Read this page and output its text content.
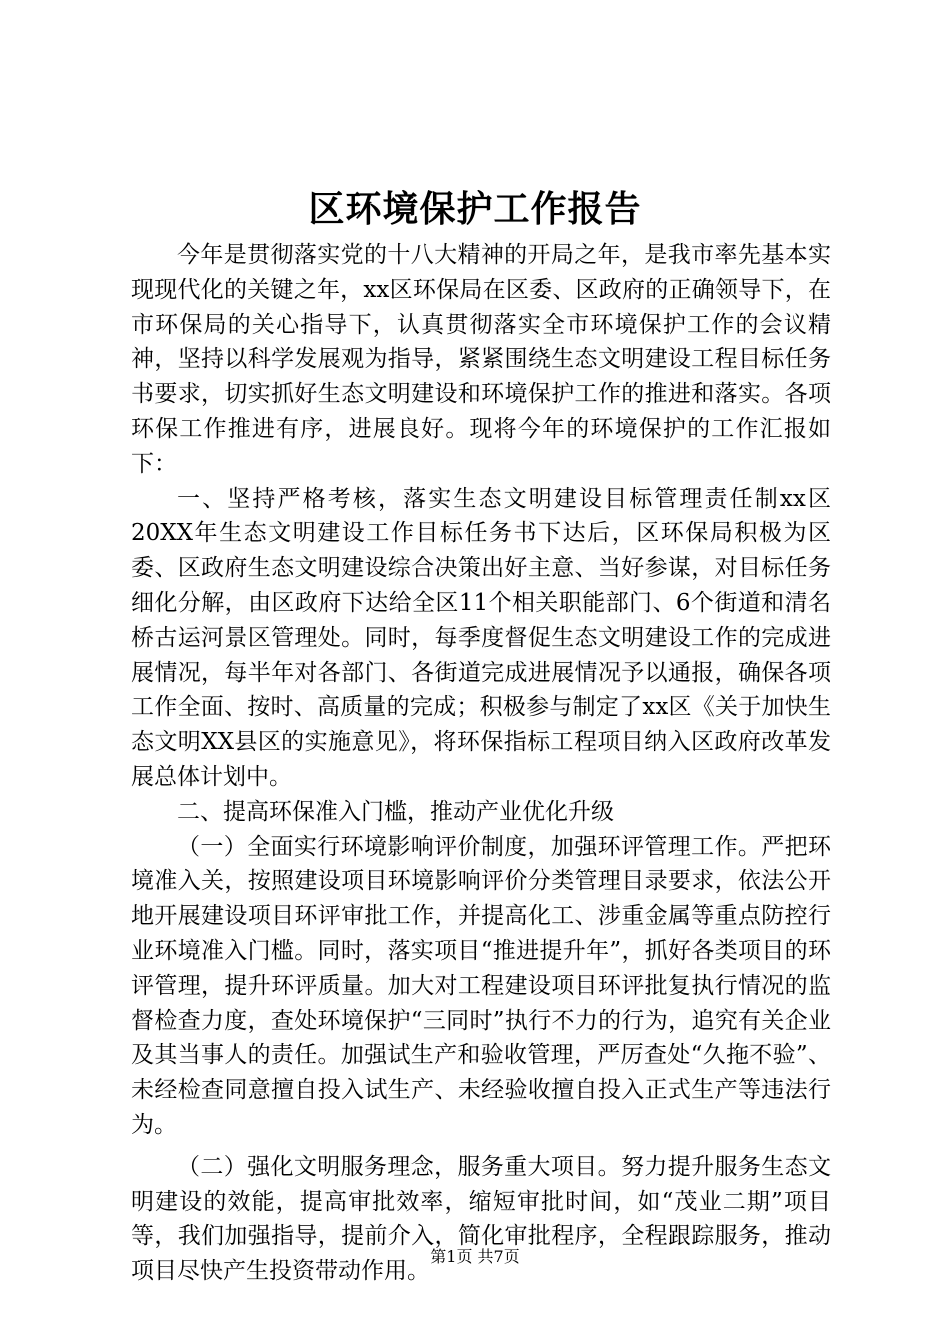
区环境保护工作报告

今年是贯彻落实党的十八大精神的开局之年，是我市率先基本实现现代化的关键之年，xx区环保局在区委、区政府的正确领导下，在市环保局的关心指导下，认真贯彻落实全市环境保护工作的会议精神，坚持以科学发展观为指导，紧紧围绕生态文明建设工程目标任务书要求，切实抓好生态文明建设和环境保护工作的推进和落实。各项环保工作推进有序，进展良好。现将今年的环境保护的工作汇报如下：

一、坚持严格考核，落实生态文明建设目标管理责任制xx区20XX年生态文明建设工作目标任务书下达后，区环保局积极为区委、区政府生态文明建设综合决策出好主意、当好参谋，对目标任务细化分解，由区政府下达给全区11个相关职能部门、6个街道和清名桥古运河景区管理处。同时，每季度督促生态文明建设工作的完成进展情况，每半年对各部门、各街道完成进展情况予以通报，确保各项工作全面、按时、高质量的完成；积极参与制定了xx区《关于加快生态文明XX县区的实施意见》，将环保指标工程项目纳入区政府改革发展总体计划中。

二、提高环保准入门槛，推动产业优化升级

（一）全面实行环境影响评价制度，加强环评管理工作。严把环境准入关，按照建设项目环境影响评价分类管理目录要求，依法公开地开展建设项目环评审批工作，并提高化工、涉重金属等重点防控行业环境准入门槛。同时，落实项目“推进提升年”，抓好各类项目的环评管理，提升环评质量。加大对工程建设项目环评批复执行情况的监督检查力度，查处环境保护“三同时”执行不力的行为，追究有关企业及其当事人的责任。加强试生产和验收管理，严厉查处“久拖不验”、未经检查同意擅自投入试生产、未经验收擅自投入正式生产等违法行为。

（二）强化文明服务理念，服务重大项目。努力提升服务生态文明建设的效能，提高审批效率，缩短审批时间，如“茂业二期”项目等，我们加强指导，提前介入，简化审批程序，全程跟踪服务，推动项目尽快产生投资带动作用。

第1页 共7页
